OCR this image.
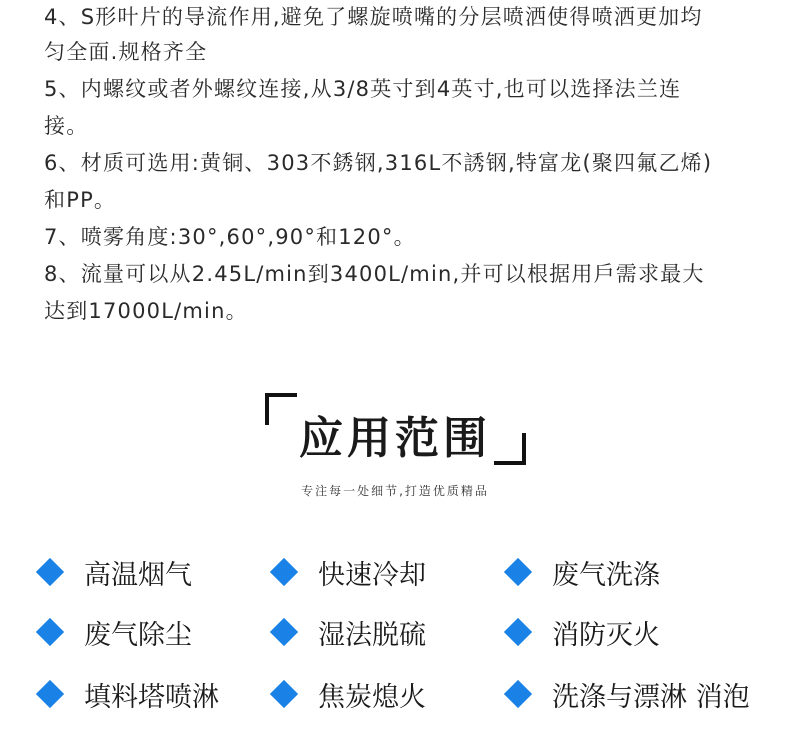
4、S形叶片的导流作用,避免了螺旋喷嘴的分层喷洒使得喷洒更加均
匀全面.规格齐全
5、内螺纹或者外螺纹连接,从3/8英寸到4英寸,也可以选择法兰连
接。
6、材质可选用:黄铜、303不銹钢,316L不誘钢,特富龙(聚四氟乙烯)
和PP。
7、喷雾角度:30°,60°,90°和120°。
8、流量可以从2.45L/min到3400L/min,并可以根据用戶需求最大
达到17000L/min。
应用范围
专注每一处细节,打造优质精品
高温烟气	快速冷却	废气洗涤
废气除尘	湿法脱硫	消防灭火
填料塔喷淋	焦炭熄火	洗涤与漂淋 消泡
